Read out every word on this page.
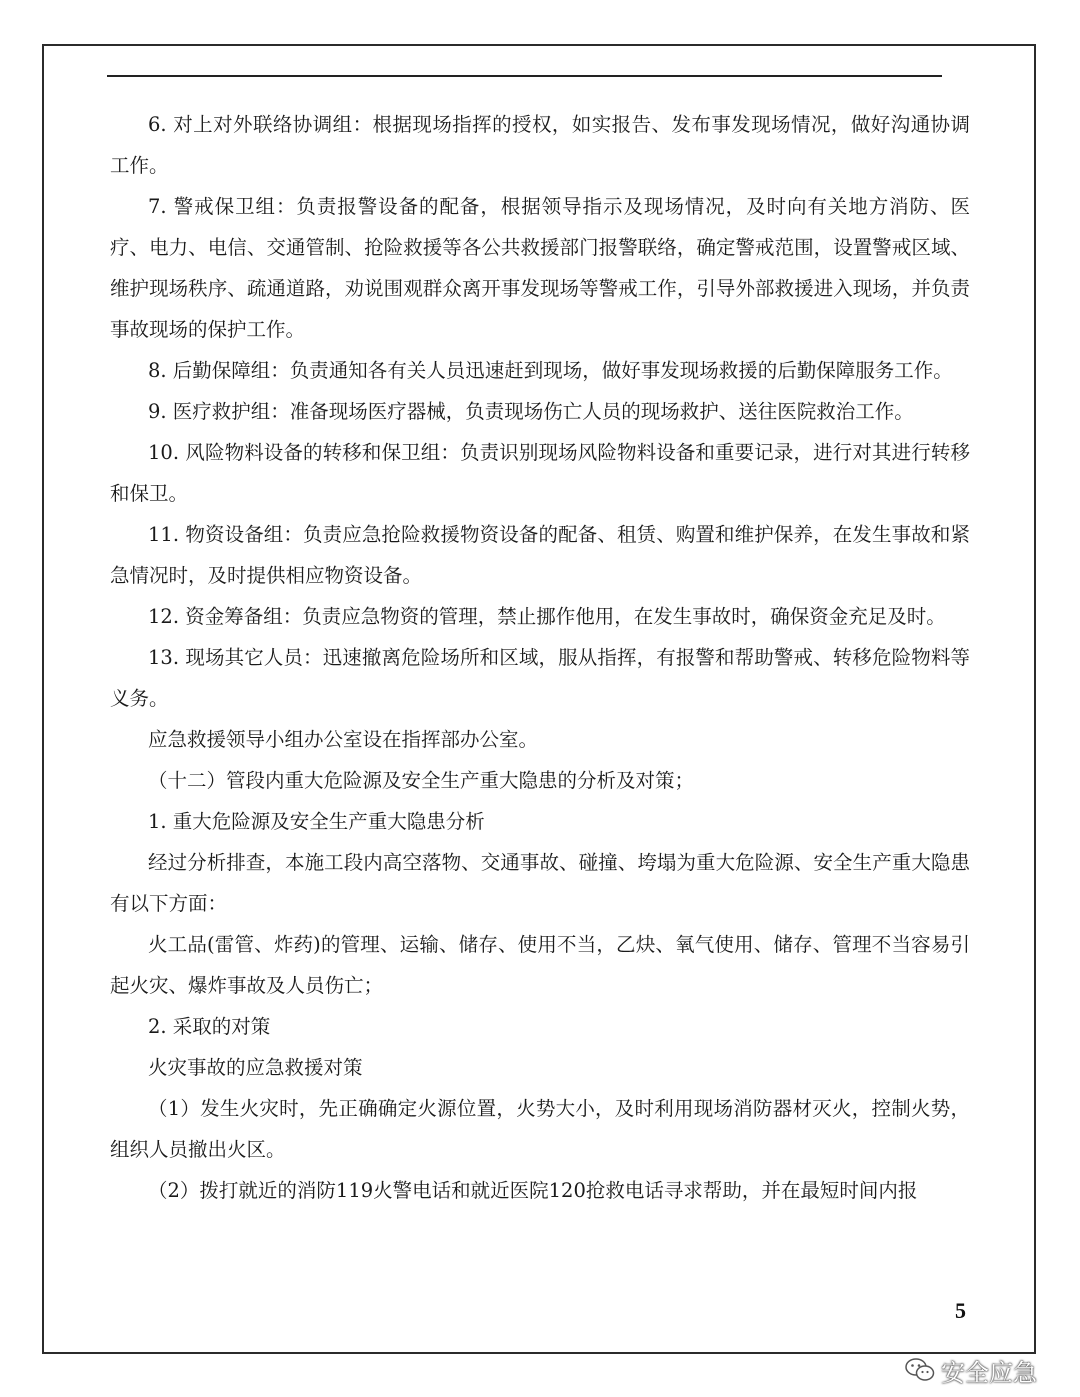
6. 对上对外联络协调组：根据现场指挥的授权，如实报告、发布事发现场情况，做好沟通协调工作。

7. 警戒保卫组：负责报警设备的配备，根据领导指示及现场情况，及时向有关地方消防、医疗、电力、电信、交通管制、抢险救援等各公共救援部门报警联络，确定警戒范围，设置警戒区域、维护现场秩序、疏通道路，劝说围观群众离开事发现场等警戒工作，引导外部救援进入现场，并负责事故现场的保护工作。

8. 后勤保障组：负责通知各有关人员迅速赶到现场，做好事发现场救援的后勤保障服务工作。

9. 医疗救护组：准备现场医疗器械，负责现场伤亡人员的现场救护、送往医院救治工作。

10. 风险物料设备的转移和保卫组：负责识别现场风险物料设备和重要记录，进行对其进行转移和保卫。

11. 物资设备组：负责应急抢险救援物资设备的配备、租赁、购置和维护保养，在发生事故和紧急情况时，及时提供相应物资设备。

12. 资金筹备组：负责应急物资的管理，禁止挪作他用，在发生事故时，确保资金充足及时。

13. 现场其它人员：迅速撤离危险场所和区域，服从指挥，有报警和帮助警戒、转移危险物料等义务。

应急救援领导小组办公室设在指挥部办公室。

（十二）管段内重大危险源及安全生产重大隐患的分析及对策；

1. 重大危险源及安全生产重大隐患分析

经过分析排查，本施工段内高空落物、交通事故、碰撞、垮塌为重大危险源、安全生产重大隐患有以下方面：

火工品(雷管、炸药)的管理、运输、储存、使用不当，乙炔、氧气使用、储存、管理不当容易引起火灾、爆炸事故及人员伤亡；

2. 采取的对策

火灾事故的应急救援对策

（1）发生火灾时，先正确确定火源位置，火势大小，及时利用现场消防器材灭火，控制火势，组织人员撤出火区。

（2）拨打就近的消防119火警电话和就近医院120抢救电话寻求帮助，并在最短时间内报

5
安全应急
